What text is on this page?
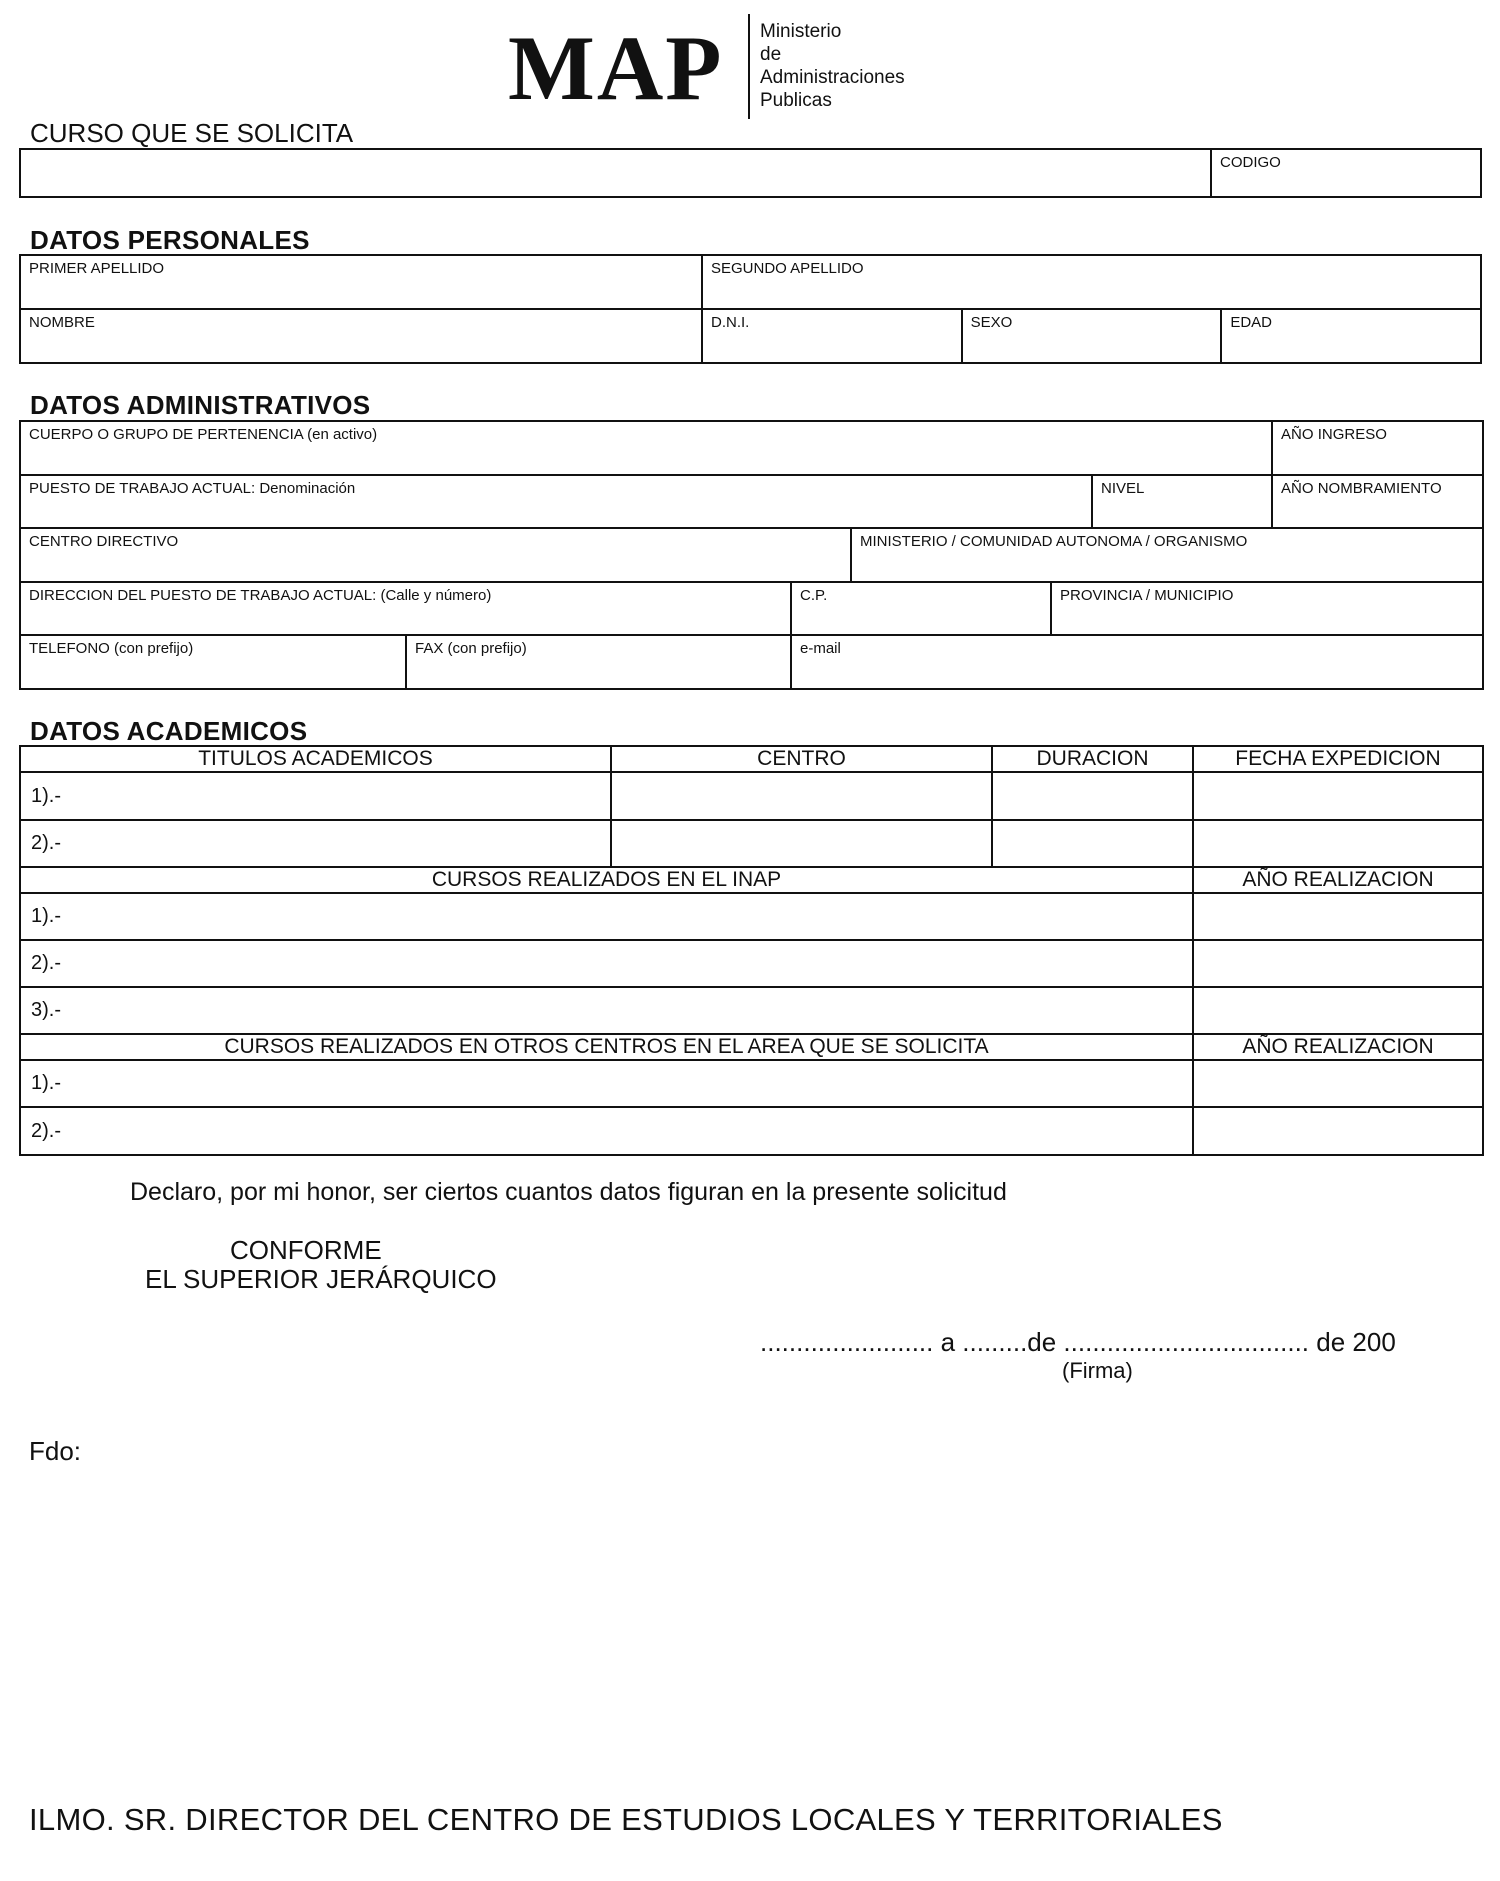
MAP Ministerio
de
Administraciones
Publicas
CURSO QUE SE SOLICITA
	CODIGO
DATOS PERSONALES
PRIMER APELLIDO	SEGUNDO APELLIDO		
NOMBRE	D.N.I.	SEXO	EDAD
DATOS ADMINISTRATIVOS
CUERPO O GRUPO DE PERTENENCIA (en activo)						AÑO INGRESO
PUESTO DE TRABAJO ACTUAL: Denominación					NIVEL	AÑO NOMBRAMIENTO
CENTRO DIRECTIVO			MINISTERIO / COMUNIDAD AUTONOMA / ORGANISMO			
DIRECCION DEL PUESTO DE TRABAJO ACTUAL: (Calle y número)		C.P.		PROVINCIA / MUNICIPIO		
TELEFONO (con prefijo)	FAX (con prefijo)	e-mail				
DATOS ACADEMICOS
TITULOS ACADEMICOS	CENTRO	DURACION	FECHA EXPEDICION
1).-			
2).-			
CURSOS REALIZADOS EN EL INAP			AÑO REALIZACION
1).-			
2).-			
3).-			
CURSOS REALIZADOS EN OTROS CENTROS EN EL AREA QUE SE SOLICITA			AÑO REALIZACION
1).-			
2).-			
Declaro, por mi honor, ser ciertos cuantos datos figuran en la presente solicitud
CONFORME
EL SUPERIOR JERÁRQUICO
........................ a .........de .................................. de 200
(Firma)
Fdo:
ILMO. SR. DIRECTOR DEL CENTRO DE ESTUDIOS LOCALES Y TERRITORIALES
